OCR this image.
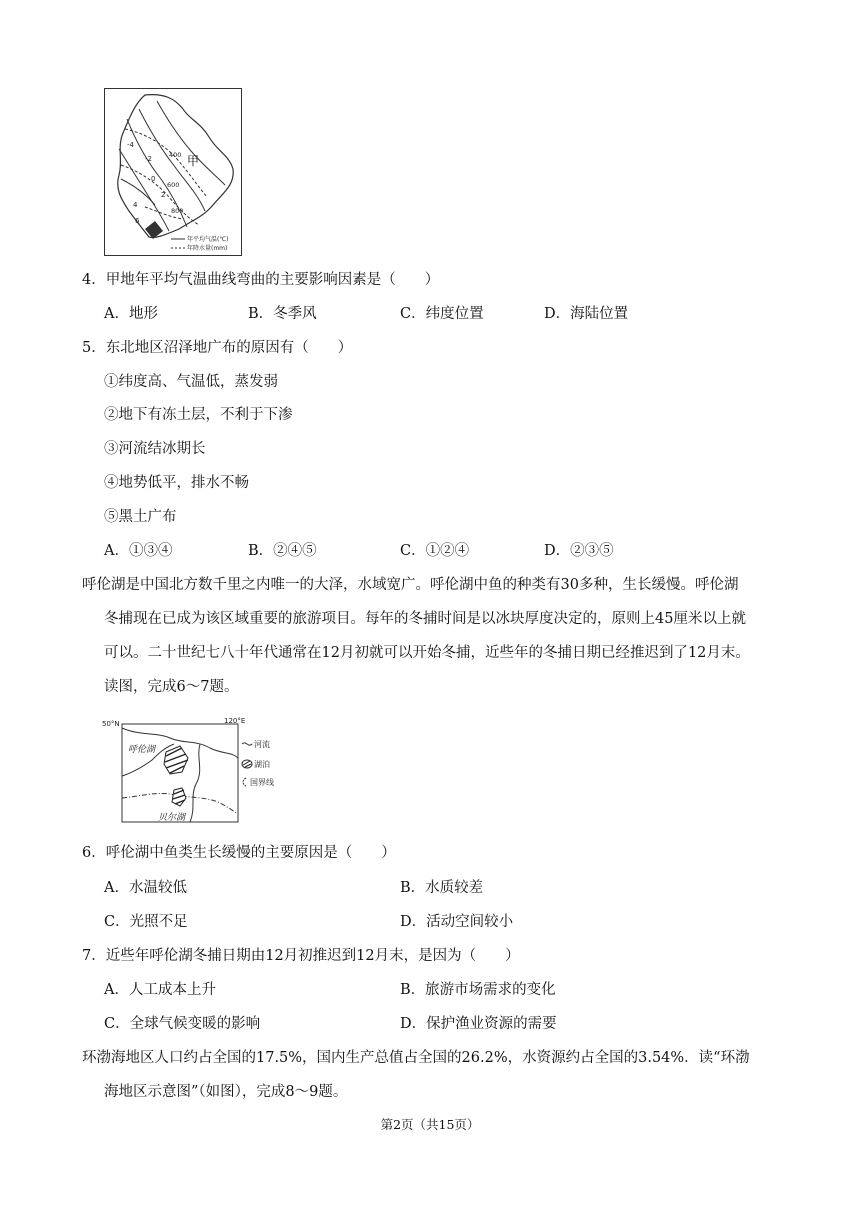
-4
-2
0
2
4
6
400
600
800
甲
年平均气温(℃)
年降水量(mm)
4．甲地年平均气温曲线弯曲的主要影响因素是（　　）
A．地形	B．冬季风	C．纬度位置	D．海陆位置
5．东北地区沼泽地广布的原因有（　　）
①纬度高、气温低，蒸发弱
②地下有冻土层，不利于下渗
③河流结冰期长
④地势低平，排水不畅
⑤黑土广布
A．①③④	B．②④⑤	C．①②④	D．②③⑤
呼伦湖是中国北方数千里之内唯一的大泽，水域宽广。呼伦湖中鱼的种类有30多种，生长缓慢。呼伦湖
冬捕现在已成为该区域重要的旅游项目。每年的冬捕时间是以冰块厚度决定的，原则上45厘米以上就
可以。二十世纪七八十年代通常在12月初就可以开始冬捕，近些年的冬捕日期已经推迟到了12月末。
读图，完成6～7题。
50°N	120°E
呼伦湖
贝尔湖
河流
湖泊
国界线
6．呼伦湖中鱼类生长缓慢的主要原因是（　　）
A．水温较低	B．水质较差
C．光照不足	D．活动空间较小
7．近些年呼伦湖冬捕日期由12月初推迟到12月末，是因为（　　）
A．人工成本上升	B．旅游市场需求的变化
C．全球气候变暖的影响	D．保护渔业资源的需要
环渤海地区人口约占全国的17.5%，国内生产总值占全国的26.2%，水资源约占全国的3.54%．读“环渤
海地区示意图”（如图），完成8～9题。
第2页（共15页）
